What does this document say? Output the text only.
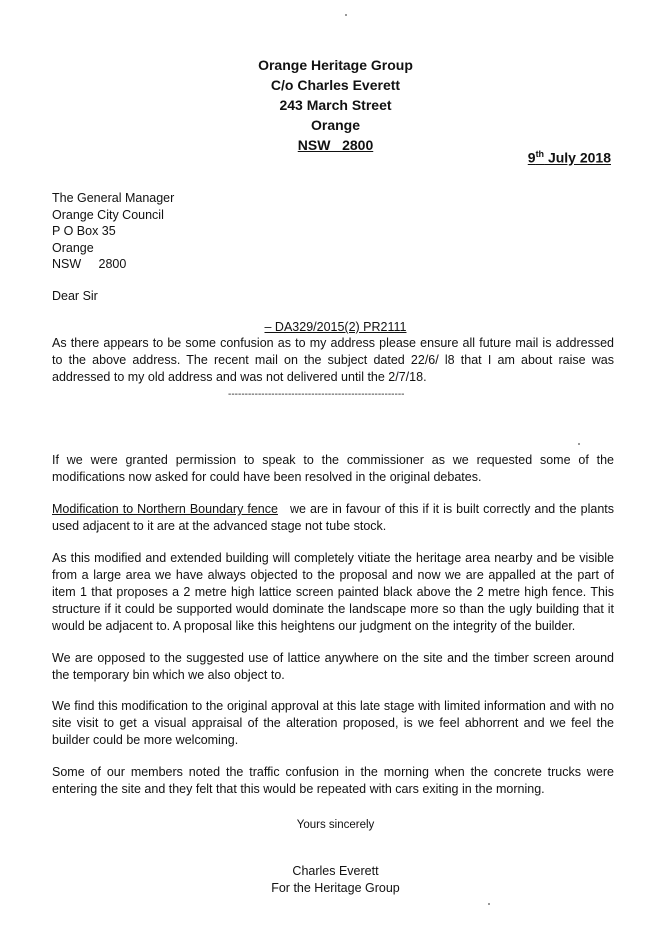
Orange Heritage Group
C/o Charles Everett
243 March Street
Orange
NSW   2800
9th July 2018
The General Manager
Orange City Council
P O Box 35
Orange
NSW     2800
Dear Sir
– DA329/2015(2) PR2111
As there appears to be some confusion as to my address please ensure all future mail is addressed to the above address. The recent mail on the subject dated 22/6/ l8 that I am about raise was addressed to my old address and was not delivered until the 2/7/18.
-----------------------------------------------------
If we were granted permission to speak to the commissioner as we requested some of the modifications now asked for could have been resolved in the original debates.
Modification to Northern Boundary fence   we are in favour of this if it is built correctly and the plants used adjacent to it are at the advanced stage not tube stock.
As this modified and extended building will completely vitiate the heritage area nearby and be visible from a large area we have always objected to the proposal and now we are appalled at the part of item 1 that proposes a 2 metre high lattice screen painted black above the 2 metre high fence. This structure if it could be supported would dominate the landscape more so than the ugly building that it would be adjacent to. A proposal like this heightens our judgment on the integrity of the builder.
We are opposed to the suggested use of lattice anywhere on the site and the timber screen around the temporary bin which we also object to.
We find this modification to the original approval at this late stage with limited information and with no site visit to get a visual appraisal of the alteration proposed, is we feel abhorrent and we feel the builder could be more welcoming.
Some of our members noted the traffic confusion in the morning when the concrete trucks were entering the site and they felt that this would be repeated with cars exiting in the morning.
Yours sincerely
Charles Everett
For the Heritage Group
